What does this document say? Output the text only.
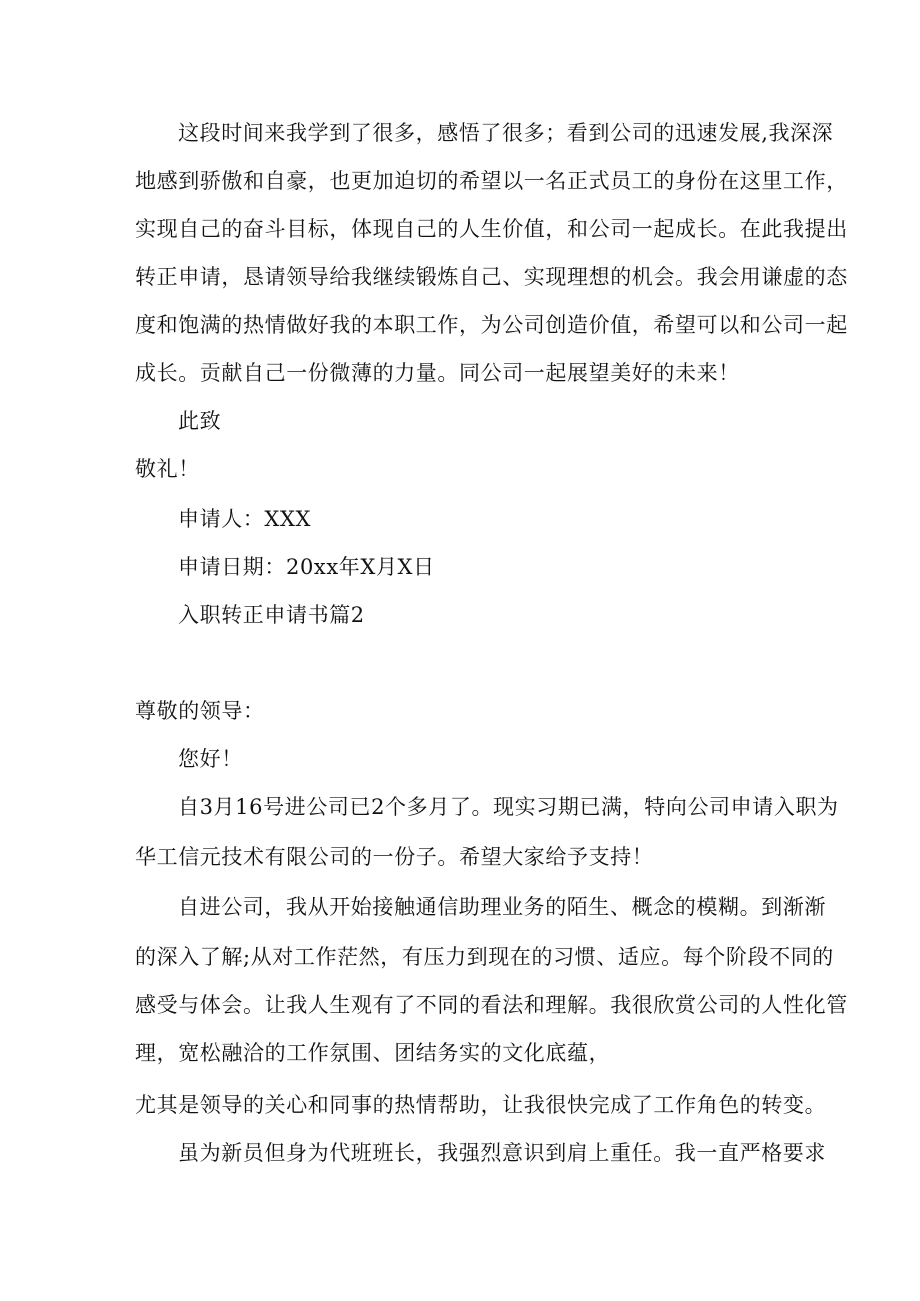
这段时间来我学到了很多，感悟了很多；看到公司的迅速发展,我深深
地感到骄傲和自豪，也更加迫切的希望以一名正式员工的身份在这里工作，
实现自己的奋斗目标，体现自己的人生价值，和公司一起成长。在此我提出
转正申请，恳请领导给我继续锻炼自己、实现理想的机会。我会用谦虚的态
度和饱满的热情做好我的本职工作，为公司创造价值，希望可以和公司一起
成长。贡献自己一份微薄的力量。同公司一起展望美好的未来！
此致
敬礼！
申请人：XXX
申请日期：20xx年X月X日
入职转正申请书篇2
尊敬的领导：
您好！
自3月16号进公司已2个多月了。现实习期已满，特向公司申请入职为
华工信元技术有限公司的一份子。希望大家给予支持！
自进公司，我从开始接触通信助理业务的陌生、概念的模糊。到渐渐
的深入了解;从对工作茫然，有压力到现在的习惯、适应。每个阶段不同的
感受与体会。让我人生观有了不同的看法和理解。我很欣赏公司的人性化管
理，宽松融洽的工作氛围、团结务实的文化底蕴，
尤其是领导的关心和同事的热情帮助，让我很快完成了工作角色的转变。
虽为新员但身为代班班长，我强烈意识到肩上重任。我一直严格要求
